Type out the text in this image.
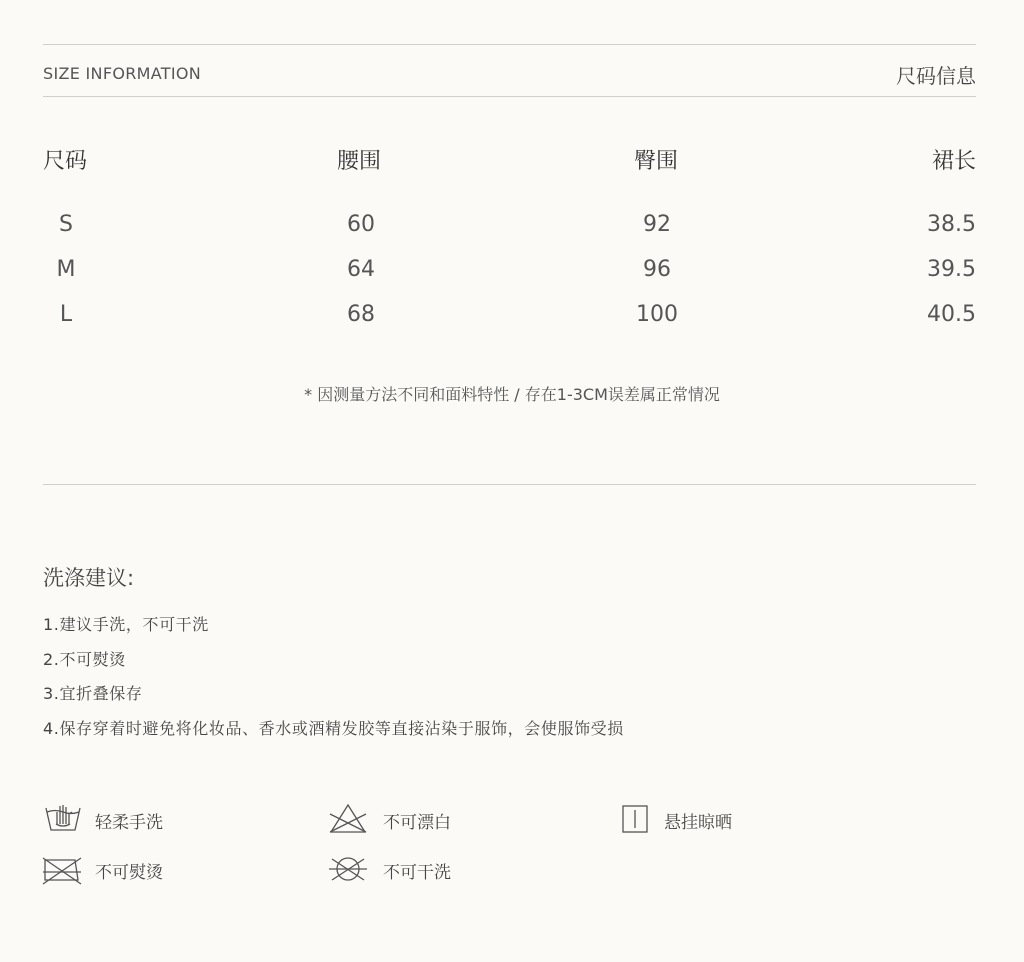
SIZE INFORMATION	尺码信息
尺码	腰围	臀围	裙长
S	60	92	38.5
M	64	96	39.5
L	68	100	40.5
* 因测量方法不同和面料特性 / 存在1-3CM误差属正常情况
洗涤建议:
1.建议手洗，不可干洗
2.不可熨烫
3.宜折叠保存
4.保存穿着时避免将化妆品、香水或酒精发胶等直接沾染于服饰，会使服饰受损
轻柔手洗	不可漂白	悬挂晾晒
不可熨烫	不可干洗
